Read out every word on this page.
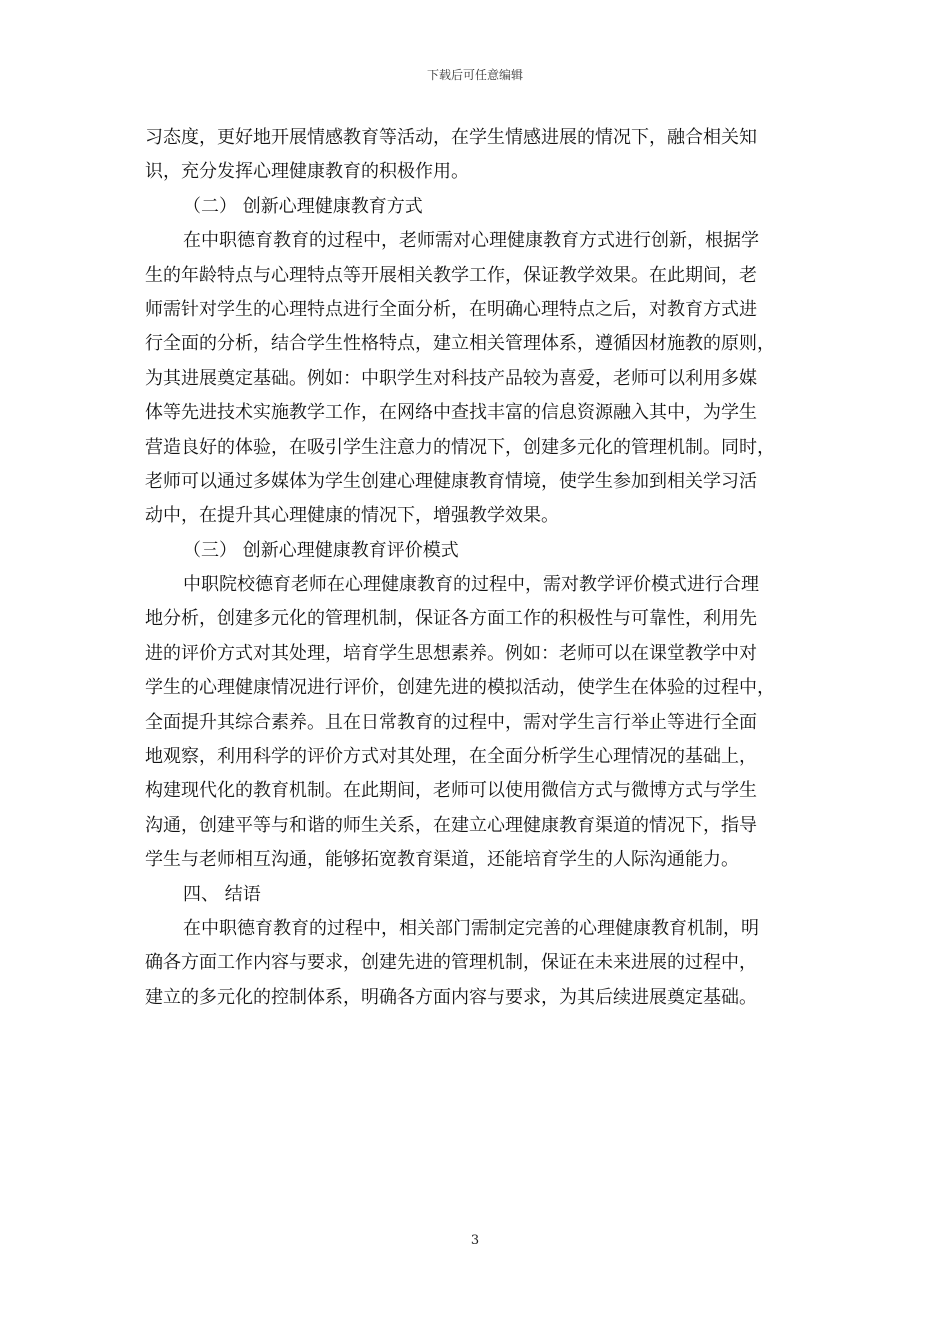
下载后可任意编辑
习态度，更好地开展情感教育等活动，在学生情感进展的情况下，融合相关知
识，充分发挥心理健康教育的积极作用。
（二） 创新心理健康教育方式
在中职德育教育的过程中，老师需对心理健康教育方式进行创新，根据学
生的年龄特点与心理特点等开展相关教学工作，保证教学效果。在此期间，老
师需针对学生的心理特点进行全面分析，在明确心理特点之后，对教育方式进
行全面的分析，结合学生性格特点，建立相关管理体系，遵循因材施教的原则，
为其进展奠定基础。例如：中职学生对科技产品较为喜爱，老师可以利用多媒
体等先进技术实施教学工作，在网络中查找丰富的信息资源融入其中，为学生
营造良好的体验，在吸引学生注意力的情况下，创建多元化的管理机制。同时，
老师可以通过多媒体为学生创建心理健康教育情境，使学生参加到相关学习活
动中，在提升其心理健康的情况下，增强教学效果。
（三） 创新心理健康教育评价模式
中职院校德育老师在心理健康教育的过程中，需对教学评价模式进行合理
地分析，创建多元化的管理机制，保证各方面工作的积极性与可靠性，利用先
进的评价方式对其处理，培育学生思想素养。例如：老师可以在课堂教学中对
学生的心理健康情况进行评价，创建先进的模拟活动，使学生在体验的过程中，
全面提升其综合素养。且在日常教育的过程中，需对学生言行举止等进行全面
地观察，利用科学的评价方式对其处理，在全面分析学生心理情况的基础上，
构建现代化的教育机制。在此期间，老师可以使用微信方式与微博方式与学生
沟通，创建平等与和谐的师生关系，在建立心理健康教育渠道的情况下，指导
学生与老师相互沟通，能够拓宽教育渠道，还能培育学生的人际沟通能力。
四、 结语
在中职德育教育的过程中，相关部门需制定完善的心理健康教育机制，明
确各方面工作内容与要求，创建先进的管理机制，保证在未来进展的过程中，
建立的多元化的控制体系，明确各方面内容与要求，为其后续进展奠定基础。
3
